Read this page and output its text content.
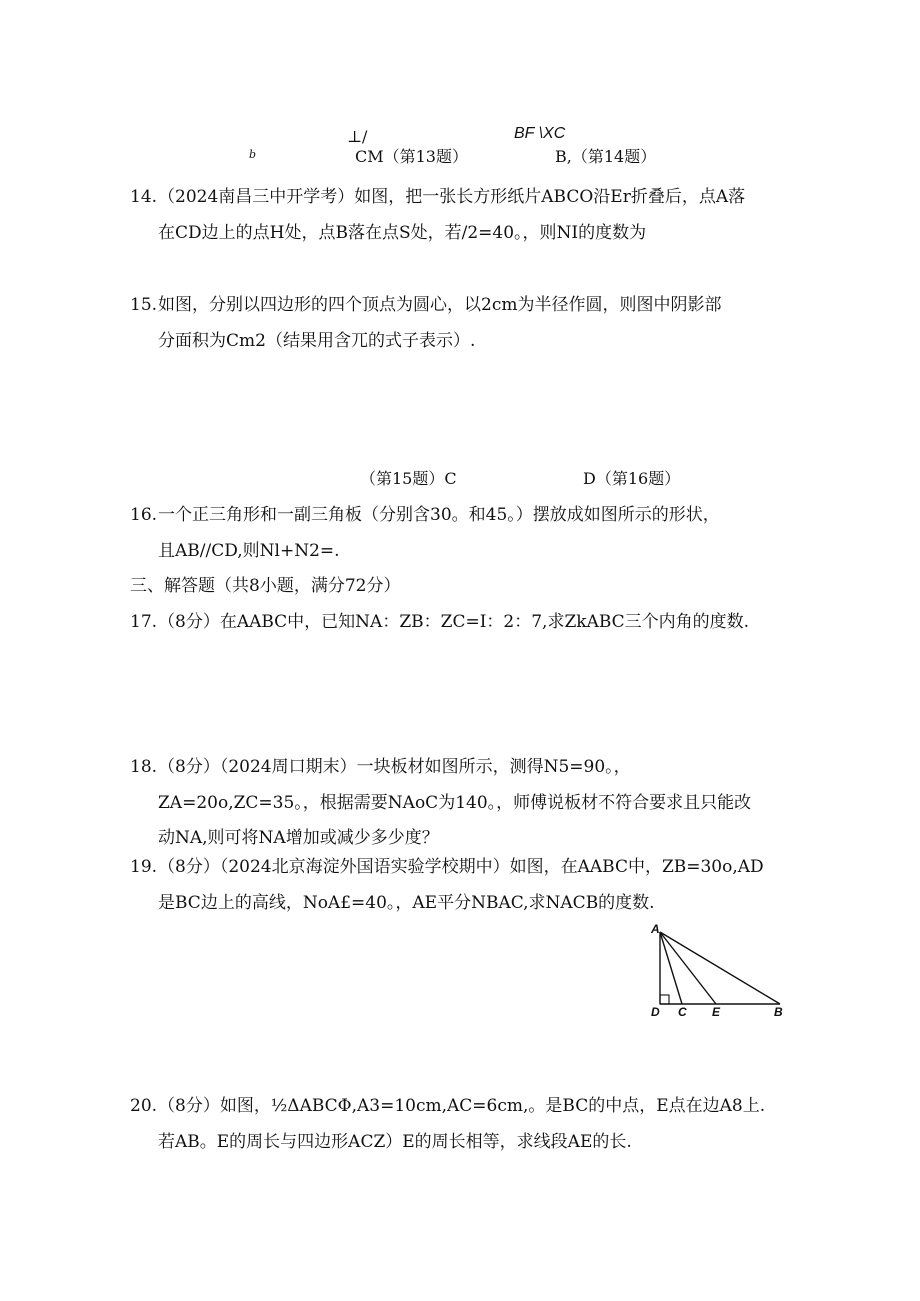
⊥/
b	CM（第13题）
BF \XC
B,（第14题）
14. （2024南昌三中开学考）如图，把一张长方形纸片ABCO沿Er折叠后，点A落
在CD边上的点H处，点B落在点S处，若/2=40。，则NI的度数为
15. 如图，分别以四边形的四个顶点为圆心，以2cm为半径作圆，则图中阴影部
分面积为Cm2（结果用含兀的式子表示）.
（第15题）C	D（第16题）
16. 一个正三角形和一副三角板（分别含30。和45。）摆放成如图所示的形状，
且AB//CD,则Nl+N2=.
三、解答题（共8小题，满分72分）
17. （8分）在AABC中，已知NA：ZB：ZC=I：2：7,求ZkABC三个内角的度数.
18. （8分）（2024周口期末）一块板材如图所示，测得N5=90。，
ZA=20o,ZC=35。，根据需要NAoC为140。，师傅说板材不符合要求且只能改
动NA,则可将NA增加或减少多少度？
19. （8分）（2024北京海淀外国语实验学校期中）如图，在AABC中，ZB=30o,AD
是BC边上的高线，NoA£=40。，AE平分NBAC,求NACB的度数.
A
D C E	B
20. （8分）如图，½ΔABCΦ,A3=10cm,AC=6cm,。是BC的中点，E点在边A8上.
若AB。E的周长与四边形ACZ）E的周长相等，求线段AE的长.
